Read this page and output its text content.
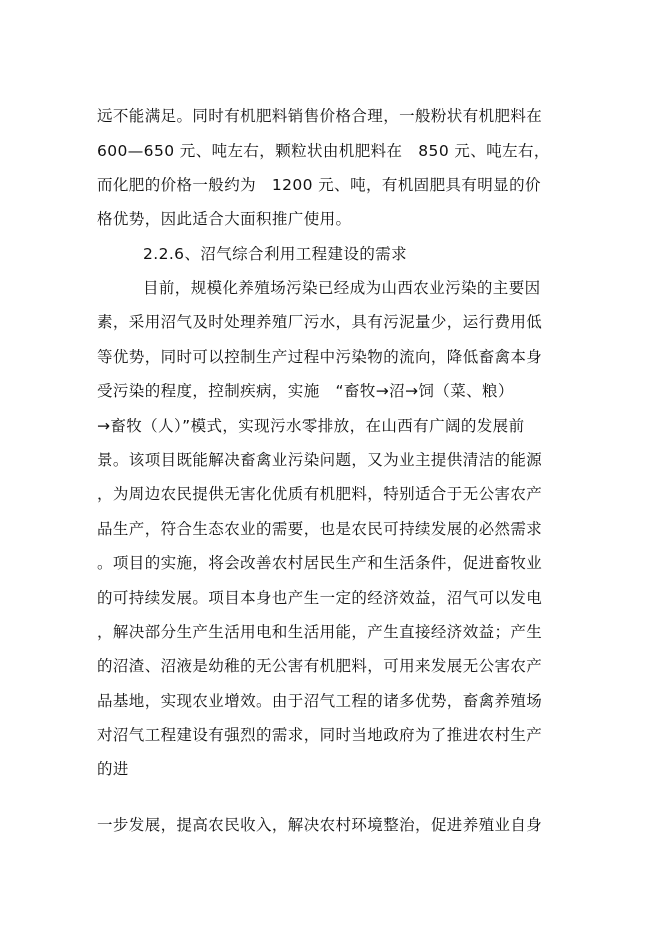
远不能满足。同时有机肥料销售价格合理，一般粉状有机肥料在
600—650 元、吨左右，颗粒状由机肥料在　850 元、吨左右，
而化肥的价格一般约为　1200 元、吨，有机固肥具有明显的价
格优势，因此适合大面积推广使用。
2.2.6、沼气综合利用工程建设的需求
目前，规模化养殖场污染已经成为山西农业污染的主要因
素，采用沼气及时处理养殖厂污水，具有污泥量少，运行费用低
等优势，同时可以控制生产过程中污染物的流向，降低畜禽本身
受污染的程度，控制疾病，实施　“畜牧→沼→饲（菜、粮）
→畜牧（人）”模式，实现污水零排放，在山西有广阔的发展前
景。该项目既能解决畜禽业污染问题，又为业主提供清洁的能源
，为周边农民提供无害化优质有机肥料，特别适合于无公害农产
品生产，符合生态农业的需要，也是农民可持续发展的必然需求
。项目的实施，将会改善农村居民生产和生活条件，促进畜牧业
的可持续发展。项目本身也产生一定的经济效益，沼气可以发电
，解决部分生产生活用电和生活用能，产生直接经济效益；产生
的沼渣、沼液是幼稚的无公害有机肥料，可用来发展无公害农产
品基地，实现农业增效。由于沼气工程的诸多优势，畜禽养殖场
对沼气工程建设有强烈的需求，同时当地政府为了推进农村生产
的进
一步发展，提高农民收入，解决农村环境整治，促进养殖业自身
